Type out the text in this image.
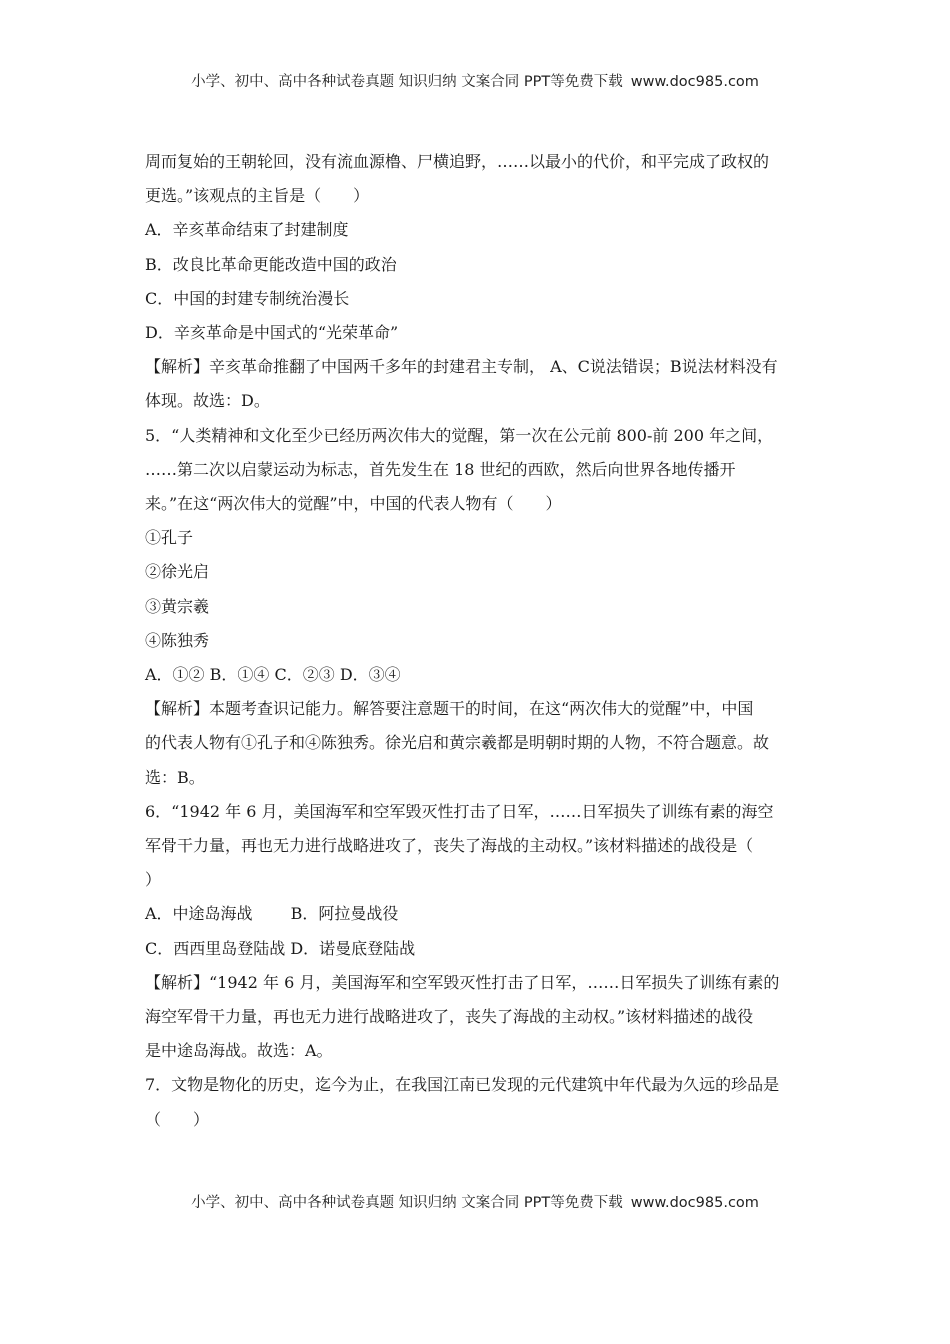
小学、初中、高中各种试卷真题 知识归纳 文案合同 PPT等免费下载 www.doc985.com

周而复始的王朝轮回，没有流血源橹、尸横追野，……以最小的代价，和平完成了政权的

更选。”该观点的主旨是（　　）

A．辛亥革命结束了封建制度

B．改良比革命更能改造中国的政治

C．中国的封建专制统治漫长

D．辛亥革命是中国式的“光荣革命”

【解析】辛亥革命推翻了中国两千多年的封建君主专制， A、C说法错误；B说法材料没有

体现。故选：D。

5．“人类精神和文化至少已经历两次伟大的觉醒，第一次在公元前 800-前 200 年之间，

……第二次以启蒙运动为标志，首先发生在 18 世纪的西欧，然后向世界各地传播开

来。”在这“两次伟大的觉醒”中，中国的代表人物有（　　）

①孔子

②徐光启

③黄宗羲

④陈独秀

A．①② B．①④ C．②③ D．③④

【解析】本题考查识记能力。解答要注意题干的时间，在这“两次伟大的觉醒”中，中国

的代表人物有①孔子和④陈独秀。徐光启和黄宗羲都是明朝时期的人物，不符合题意。故

选：B。

6．“1942 年 6 月，美国海军和空军毁灭性打击了日军，……日军损失了训练有素的海空

军骨干力量，再也无力进行战略进攻了，丧失了海战的主动权。”该材料描述的战役是（

）

A．中途岛海战 B．阿拉曼战役

C．西西里岛登陆战 D．诺曼底登陆战

【解析】“1942 年 6 月，美国海军和空军毁灭性打击了日军，……日军损失了训练有素的

海空军骨干力量，再也无力进行战略进攻了，丧失了海战的主动权。”该材料描述的战役

是中途岛海战。故选：A。

7．文物是物化的历史，迄今为止，在我国江南已发现的元代建筑中年代最为久远的珍品是

（　　）

小学、初中、高中各种试卷真题 知识归纳 文案合同 PPT等免费下载 www.doc985.com
